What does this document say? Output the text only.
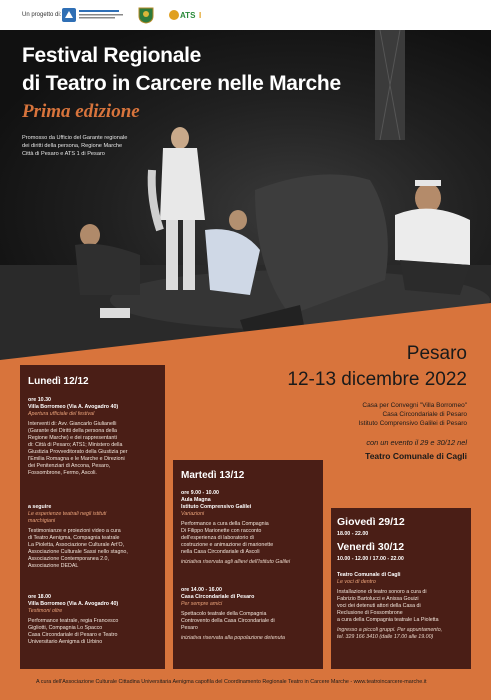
Un progetto di:	ATS I
Festival Regionale
di Teatro in Carcere nelle Marche
Prima edizione
Promosso da Ufficio del Garante regionale
dei diritti della persona, Regione Marche
Città di Pesaro e ATS 1 di Pesaro

Pesaro

12-13 dicembre 2022

Casa per Convegni "Villa Borromeo"
Casa Circondariale di Pesaro
Istituto Comprensivo Galilei di Pesaro

con un evento il 29 e 30/12 nel

Teatro Comunale di Cagli

Lunedì 12/12

ore 10.30

Villa Borromeo (Via A. Avogadro 40)

Apertura ufficiale del festival

Interventi di: Avv. Giancarlo Giulianelli

(Garante dei Diritti della persona della

Regione Marche) e dei rappresentanti

di: Città di Pesaro; ATS1; Ministero della

Giustizia Provveditorato della Giustizia per

l'Emilia Romagna e le Marche e Direzioni

dei Penitenziari di Ancona, Pesaro,

Fossombrone, Fermo, Ascoli.

a seguire

Le esperienze teatrali negli istituti

marchigiani

Testimonianze e proiezioni video a cura

di Teatro Aenigma, Compagnia teatrale

La Pioletta, Associazione Culturale Art'O,

Associazione Culturale Sassi nello stagno,

Associazione Contemporanea 2.0,

Associazione DEDAL

ore 18.00

Villa Borromeo (Via A. Avogadro 40)

Testimoni oltre

Performance teatrale, regia Francesco

Gigliotti, Compagnia Lo Spacco

Casa Circondariale di Pesaro e Teatro

Universitario Aenigma di Urbino

Martedì 13/12

ore 9.00 - 10.00

Aula Magna

Istituto Comprensivo Galilei

Variazioni

Performance a cura della Compagnia

Di Filippo Marionette con racconto

dell'esperienza di laboratorio di

costruzione e animazione di marionette

nella Casa Circondariale di Ascoli

iniziativa riservata agli allievi dell'Istituto Galilei

ore 14.00 - 16.00

Casa Circondariale di Pesaro

Per sempre amici

Spettacolo teatrale della Compagnia

Controvento della Casa Circondariale di

Pesaro

iniziativa riservata alla popolazione detenuta

Giovedì 29/12

18.00 - 22.00

Venerdì 30/12

10.00 - 12.00 / 17.00 - 22.00

Teatro Comunale di Cagli

Le voci di dentro

Installazione di teatro sonoro a cura di

Fabrizio Bartolucci e Anissa Gouizi

voci dei detenuti attori della Casa di

Reclusione di Fossombrone

a cura della Compagnia teatrale La Pioletta

Ingresso a piccoli gruppi. Per appuntamento,

tel. 329 166 3410 (dalle 17.00 alle 19.00)

A cura dell'Associazione Culturale Cittadina Universitaria Aenigma capofila del Coordinamento Regionale Teatro in Carcere Marche - www.teatroincarcere-marche.it
